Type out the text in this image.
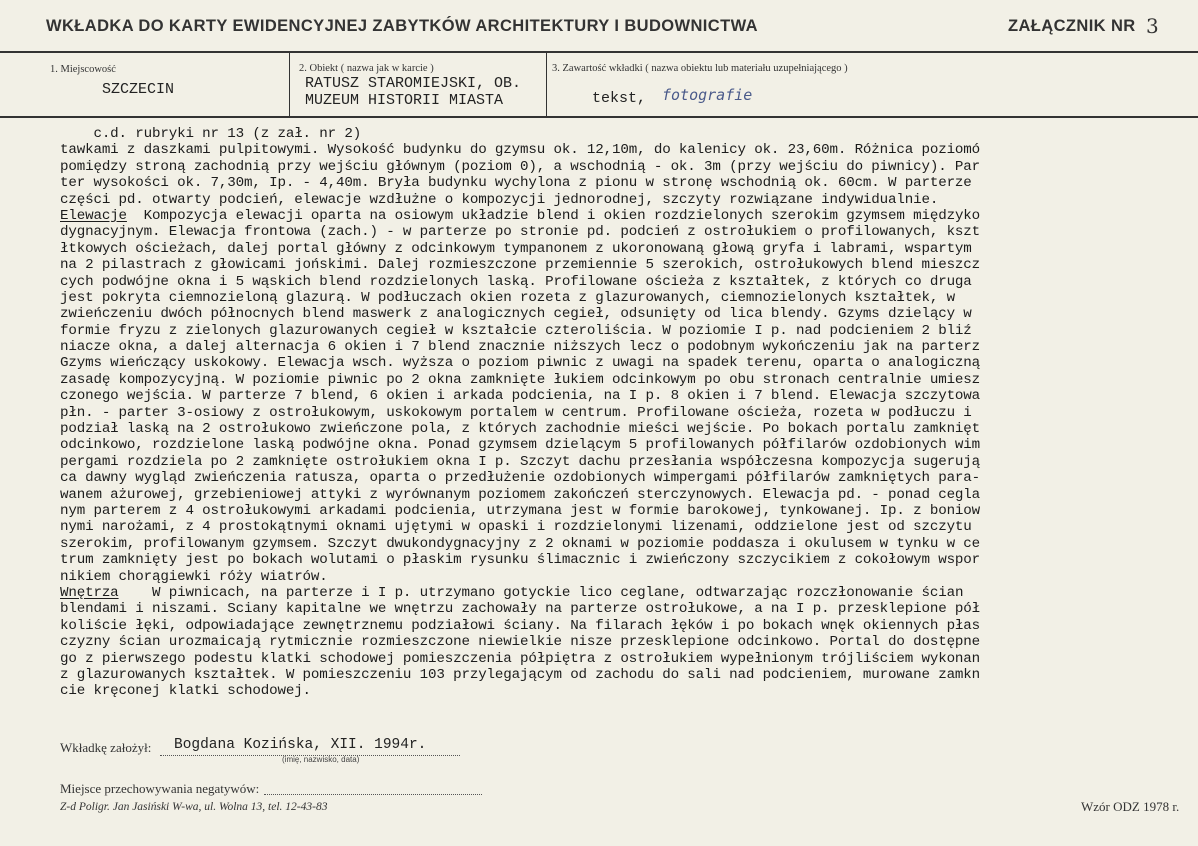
WKŁADKA DO KARTY EWIDENCYJNEJ ZABYTKÓW ARCHITEKTURY I BUDOWNICTWA	ZAŁĄCZNIK NR 3
1. Miejscowość
SZCZECIN
2. Obiekt ( nazwa jak w karcie )
RATUSZ STAROMIEJSKI, OB.
MUZEUM HISTORII MIASTA
3. Zawartość wkładki ( nazwa obiektu lub materiału uzupełniającego )
tekst, fotografie
c.d. rubryki nr 13 (z zał. nr 2)
tawkami z daszkami pulpitowymi. Wysokość budynku do gzymsu ok. 12,10m, do kalenicy ok. 23,60m. Różnica poziomó
pomiędzy stroną zachodnią przy wejściu głównym (poziom 0), a wschodnią - ok. 3m (przy wejściu do piwnicy). Par
ter wysokości ok. 7,30m, Ip. - 4,40m. Bryła budynku wychylona z pionu w stronę wschodnią ok. 60cm. W parterze
części pd. otwarty podcień, elewacje wzdłużne o kompozycji jednorodnej, szczyty rozwiązane indywidualnie.
Elewacje  Kompozycja elewacji oparta na osiowym układzie blend i okien rozdzielonych szerokim gzymsem międzyko
dygnacyjnym. Elewacja frontowa (zach.) - w parterze po stronie pd. podcień z ostrołukiem o profilowanych, kszt
łtkowych ościeżach, dalej portal główny z odcinkowym tympanonem z ukoronowaną głową gryfa i labrami, wspartym
na 2 pilastrach z głowicami jońskimi. Dalej rozmieszczone przemiennie 5 szerokich, ostrołukowych blend mieszcz
cych podwójne okna i 5 wąskich blend rozdzielonych laską. Profilowane ościeża z kształtek, z których co druga
jest pokryta ciemnozieloną glazurą. W podłuczach okien rozeta z glazurowanych, ciemnozielonych kształtek, w
zwieńczeniu dwóch północnych blend maswerk z analogicznych cegieł, odsunięty od lica blendy. Gzyms dzielący w
formie fryzu z zielonych glazurowanych cegieł w kształcie czteroliścia. W poziomie I p. nad podcieniem 2 bliź
niacze okna, a dalej alternacja 6 okien i 7 blend znacznie niższych lecz o podobnym wykończeniu jak na parterz
Gzyms wieńczący uskokowy. Elewacja wsch. wyższa o poziom piwnic z uwagi na spadek terenu, oparta o analogiczną
zasadę kompozycyjną. W poziomie piwnic po 2 okna zamknięte łukiem odcinkowym po obu stronach centralnie umiesz
czonego wejścia. W parterze 7 blend, 6 okien i arkada podcienia, na I p. 8 okien i 7 blend. Elewacja szczytowa
płn. - parter 3-osiowy z ostrołukowym, uskokowym portalem w centrum. Profilowane ościeża, rozeta w podłuczu i
podział laską na 2 ostrołukowo zwieńczone pola, z których zachodnie mieści wejście. Po bokach portalu zamknięt
odcinkowo, rozdzielone laską podwójne okna. Ponad gzymsem dzielącym 5 profilowanych półfilarów ozdobionych wim
pergami rozdziela po 2 zamknięte ostrołukiem okna I p. Szczyt dachu przesłania współczesna kompozycja sugerują
ca dawny wygląd zwieńczenia ratusza, oparta o przedłużenie ozdobionych wimpergami półfilarów zamkniętych para-
wanem ażurowej, grzebieniowej attyki z wyrównanym poziomem zakończeń sterczynowych. Elewacja pd. - ponad cegla
nym parterem z 4 ostrołukowymi arkadami podcienia, utrzymana jest w formie barokowej, tynkowanej. Ip. z boniow
nymi narożami, z 4 prostokątnymi oknami ujętymi w opaski i rozdzielonymi lizenami, oddzielone jest od szczytu
szerokim, profilowanym gzymsem. Szczyt dwukondygnacyjny z 2 oknami w poziomie poddasza i okulusem w tynku w ce
trum zamknięty jest po bokach wolutami o płaskim rysunku ślimacznic i zwieńczony szczycikiem z cokołowym wspor
nikiem chorągiewki róży wiatrów.
Wnętrza    W piwnicach, na parterze i I p. utrzymano gotyckie lico ceglane, odtwarzając rozczłonowanie ścian
blendami i niszami. Sciany kapitalne we wnętrzu zachowały na parterze ostrołukowe, a na I p. przesklepione pół
koliście łęki, odpowiadające zewnętrznemu podziałowi ściany. Na filarach łęków i po bokach wnęk okiennych płas
czyzny ścian urozmaicają rytmicznie rozmieszczone niewielkie nisze przesklepione odcinkowo. Portal do dostępne
go z pierwszego podestu klatki schodowej pomieszczenia półpiętra z ostrołukiem wypełnionym trójliściem wykonan
z glazurowanych kształtek. W pomieszczeniu 103 przylegającym od zachodu do sali nad podcieniem, murowane zamkn
cie kręconej klatki schodowej.
Wkładkę założył: Bogdana Kozińska, XII. 1994r.
(imię, nazwisko, data)
Miejsce przechowywania negatywów:
Z-d Poligr. Jan Jasiński W-wa, ul. Wolna 13, tel. 12-43-83	Wzór ODZ 1978 r.
